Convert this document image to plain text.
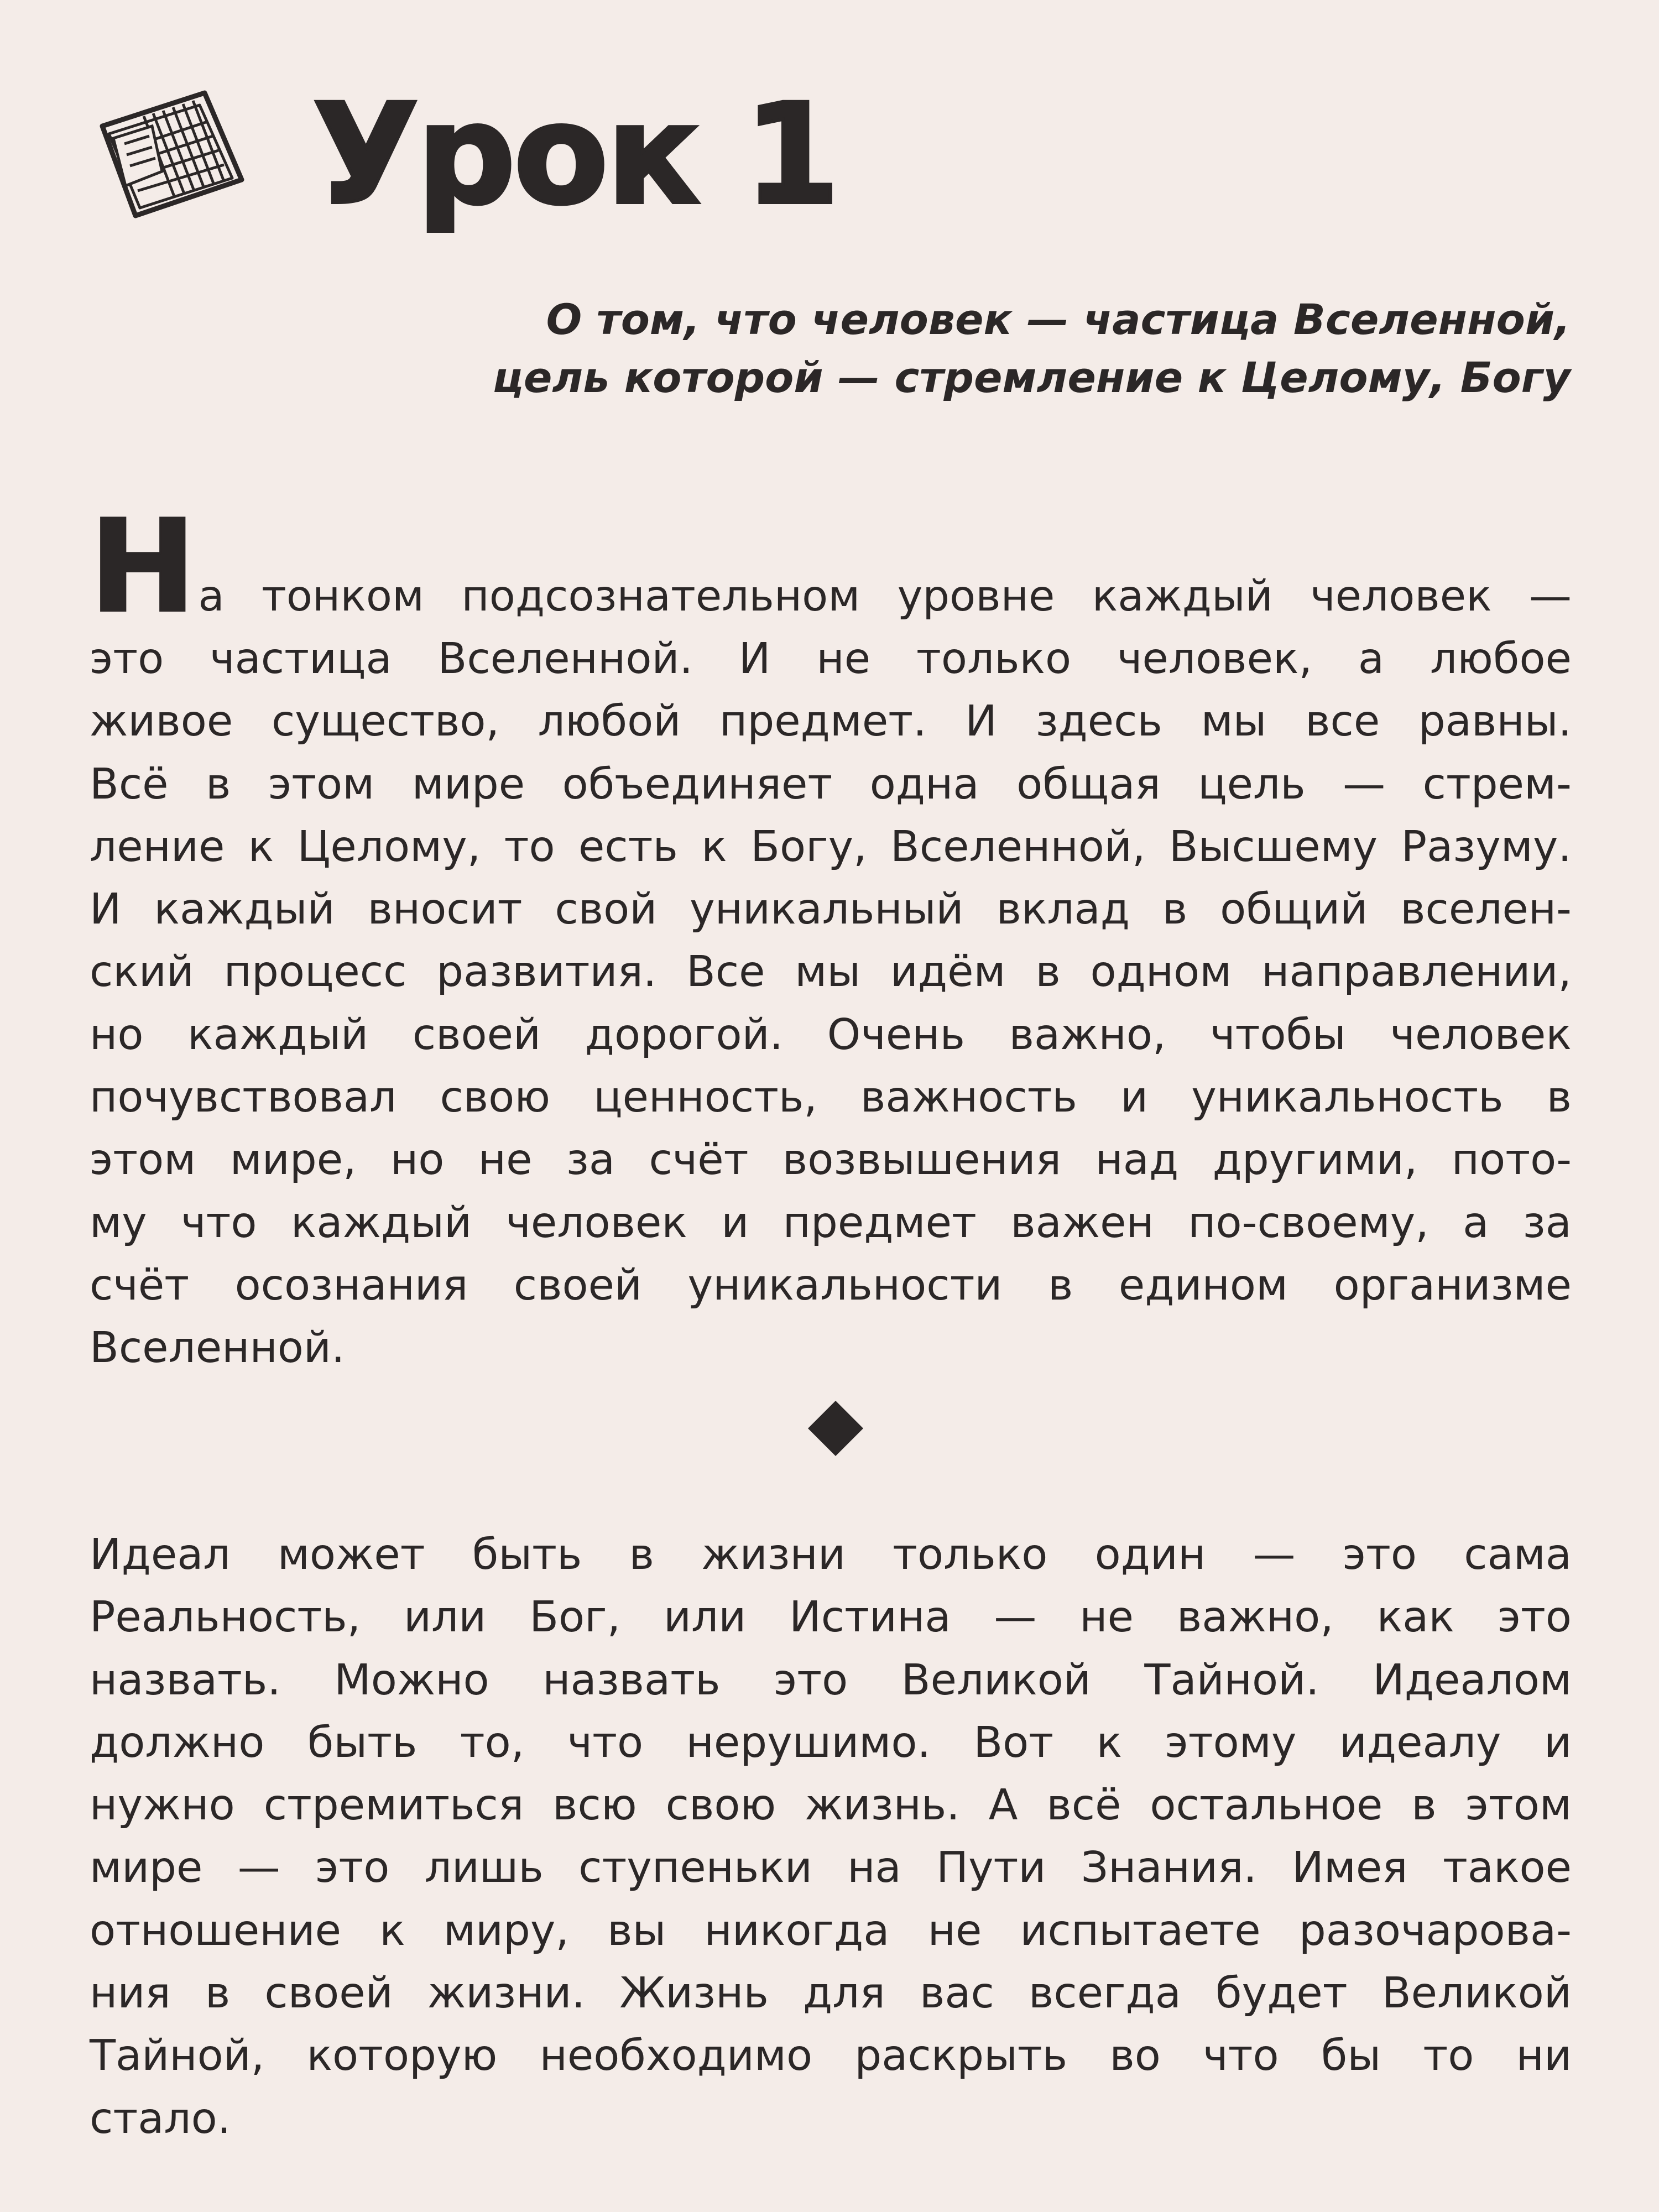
Урок 1
О том, что человек — частица Вселенной,
цель которой — стремление к Целому, Богу
Н а тонком подсознательном уровне каждый человек —
это частица Вселенной. И не только человек, а любое
живое существо, любой предмет. И здесь мы все равны.
Всё в этом мире объединяет одна общая цель — стрем-
ление к Целому, то есть к Богу, Вселенной, Высшему Разуму.
И каждый вносит свой уникальный вклад в общий вселен-
ский процесс развития. Все мы идём в одном направлении,
но каждый своей дорогой. Очень важно, чтобы человек
почувствовал свою ценность, важность и уникальность в
этом мире, но не за счёт возвышения над другими, пото-
му что каждый человек и предмет важен по-своему, а за
счёт осознания своей уникальности в едином организме
Вселенной.
Идеал может быть в жизни только один — это сама
Реальность, или Бог, или Истина — не важно, как это
назвать. Можно назвать это Великой Тайной. Идеалом
должно быть то, что нерушимо. Вот к этому идеалу и
нужно стремиться всю свою жизнь. А всё остальное в этом
мире — это лишь ступеньки на Пути Знания. Имея такое
отношение к миру, вы никогда не испытаете разочарова-
ния в своей жизни. Жизнь для вас всегда будет Великой
Тайной, которую необходимо раскрыть во что бы то ни
стало.
